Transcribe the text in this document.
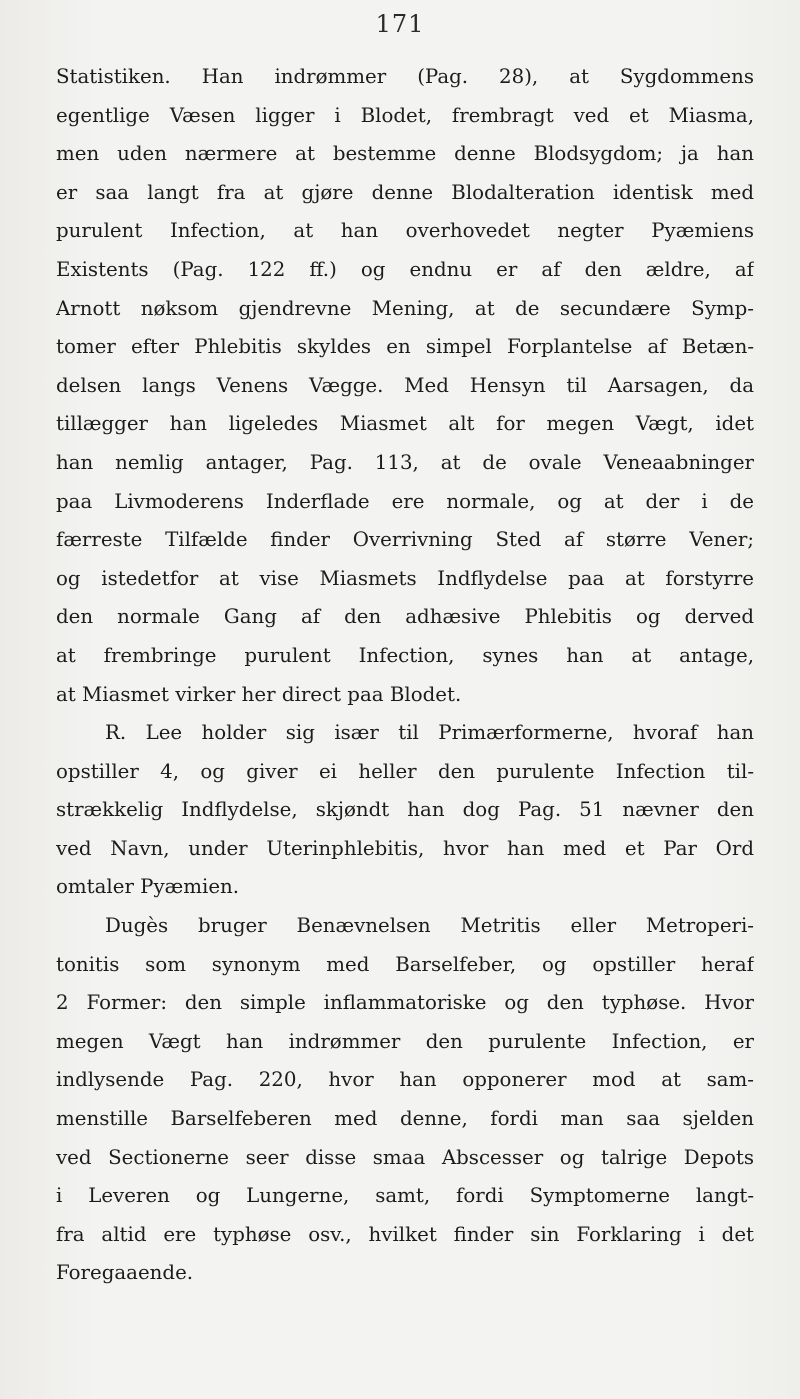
171
Statistiken. Han indrømmer (Pag. 28), at Sygdommens
egentlige Væsen ligger i Blodet, frembragt ved et Miasma,
men uden nærmere at bestemme denne Blodsygdom; ja han
er saa langt fra at gjøre denne Blodalteration identisk med
purulent Infection, at han overhovedet negter Pyæmiens
Existents (Pag. 122 ff.) og endnu er af den ældre, af
Arnott nøksom gjendrevne Mening, at de secundære Symp-
tomer efter Phlebitis skyldes en simpel Forplantelse af Betæn-
delsen langs Venens Vægge. Med Hensyn til Aarsagen, da
tillægger han ligeledes Miasmet alt for megen Vægt, idet
han nemlig antager, Pag. 113, at de ovale Veneaabninger
paa Livmoderens Inderflade ere normale, og at der i de
færreste Tilfælde finder Overrivning Sted af større Vener;
og istedetfor at vise Miasmets Indflydelse paa at forstyrre
den normale Gang af den adhæsive Phlebitis og derved
at frembringe purulent Infection, synes han at antage,
at Miasmet virker her direct paa Blodet.
R. Lee holder sig især til Primærformerne, hvoraf han
opstiller 4, og giver ei heller den purulente Infection til-
strækkelig Indflydelse, skjøndt han dog Pag. 51 nævner den
ved Navn, under Uterinphlebitis, hvor han med et Par Ord
omtaler Pyæmien.
Dugès bruger Benævnelsen Metritis eller Metroperi-
tonitis som synonym med Barselfeber, og opstiller heraf
2 Former: den simple inflammatoriske og den typhøse. Hvor
megen Vægt han indrømmer den purulente Infection, er
indlysende Pag. 220, hvor han opponerer mod at sam-
menstille Barselfeberen med denne, fordi man saa sjelden
ved Sectionerne seer disse smaa Abscesser og talrige Depots
i Leveren og Lungerne, samt, fordi Symptomerne langt-
fra altid ere typhøse osv., hvilket finder sin Forklaring i det
Foregaaende.
